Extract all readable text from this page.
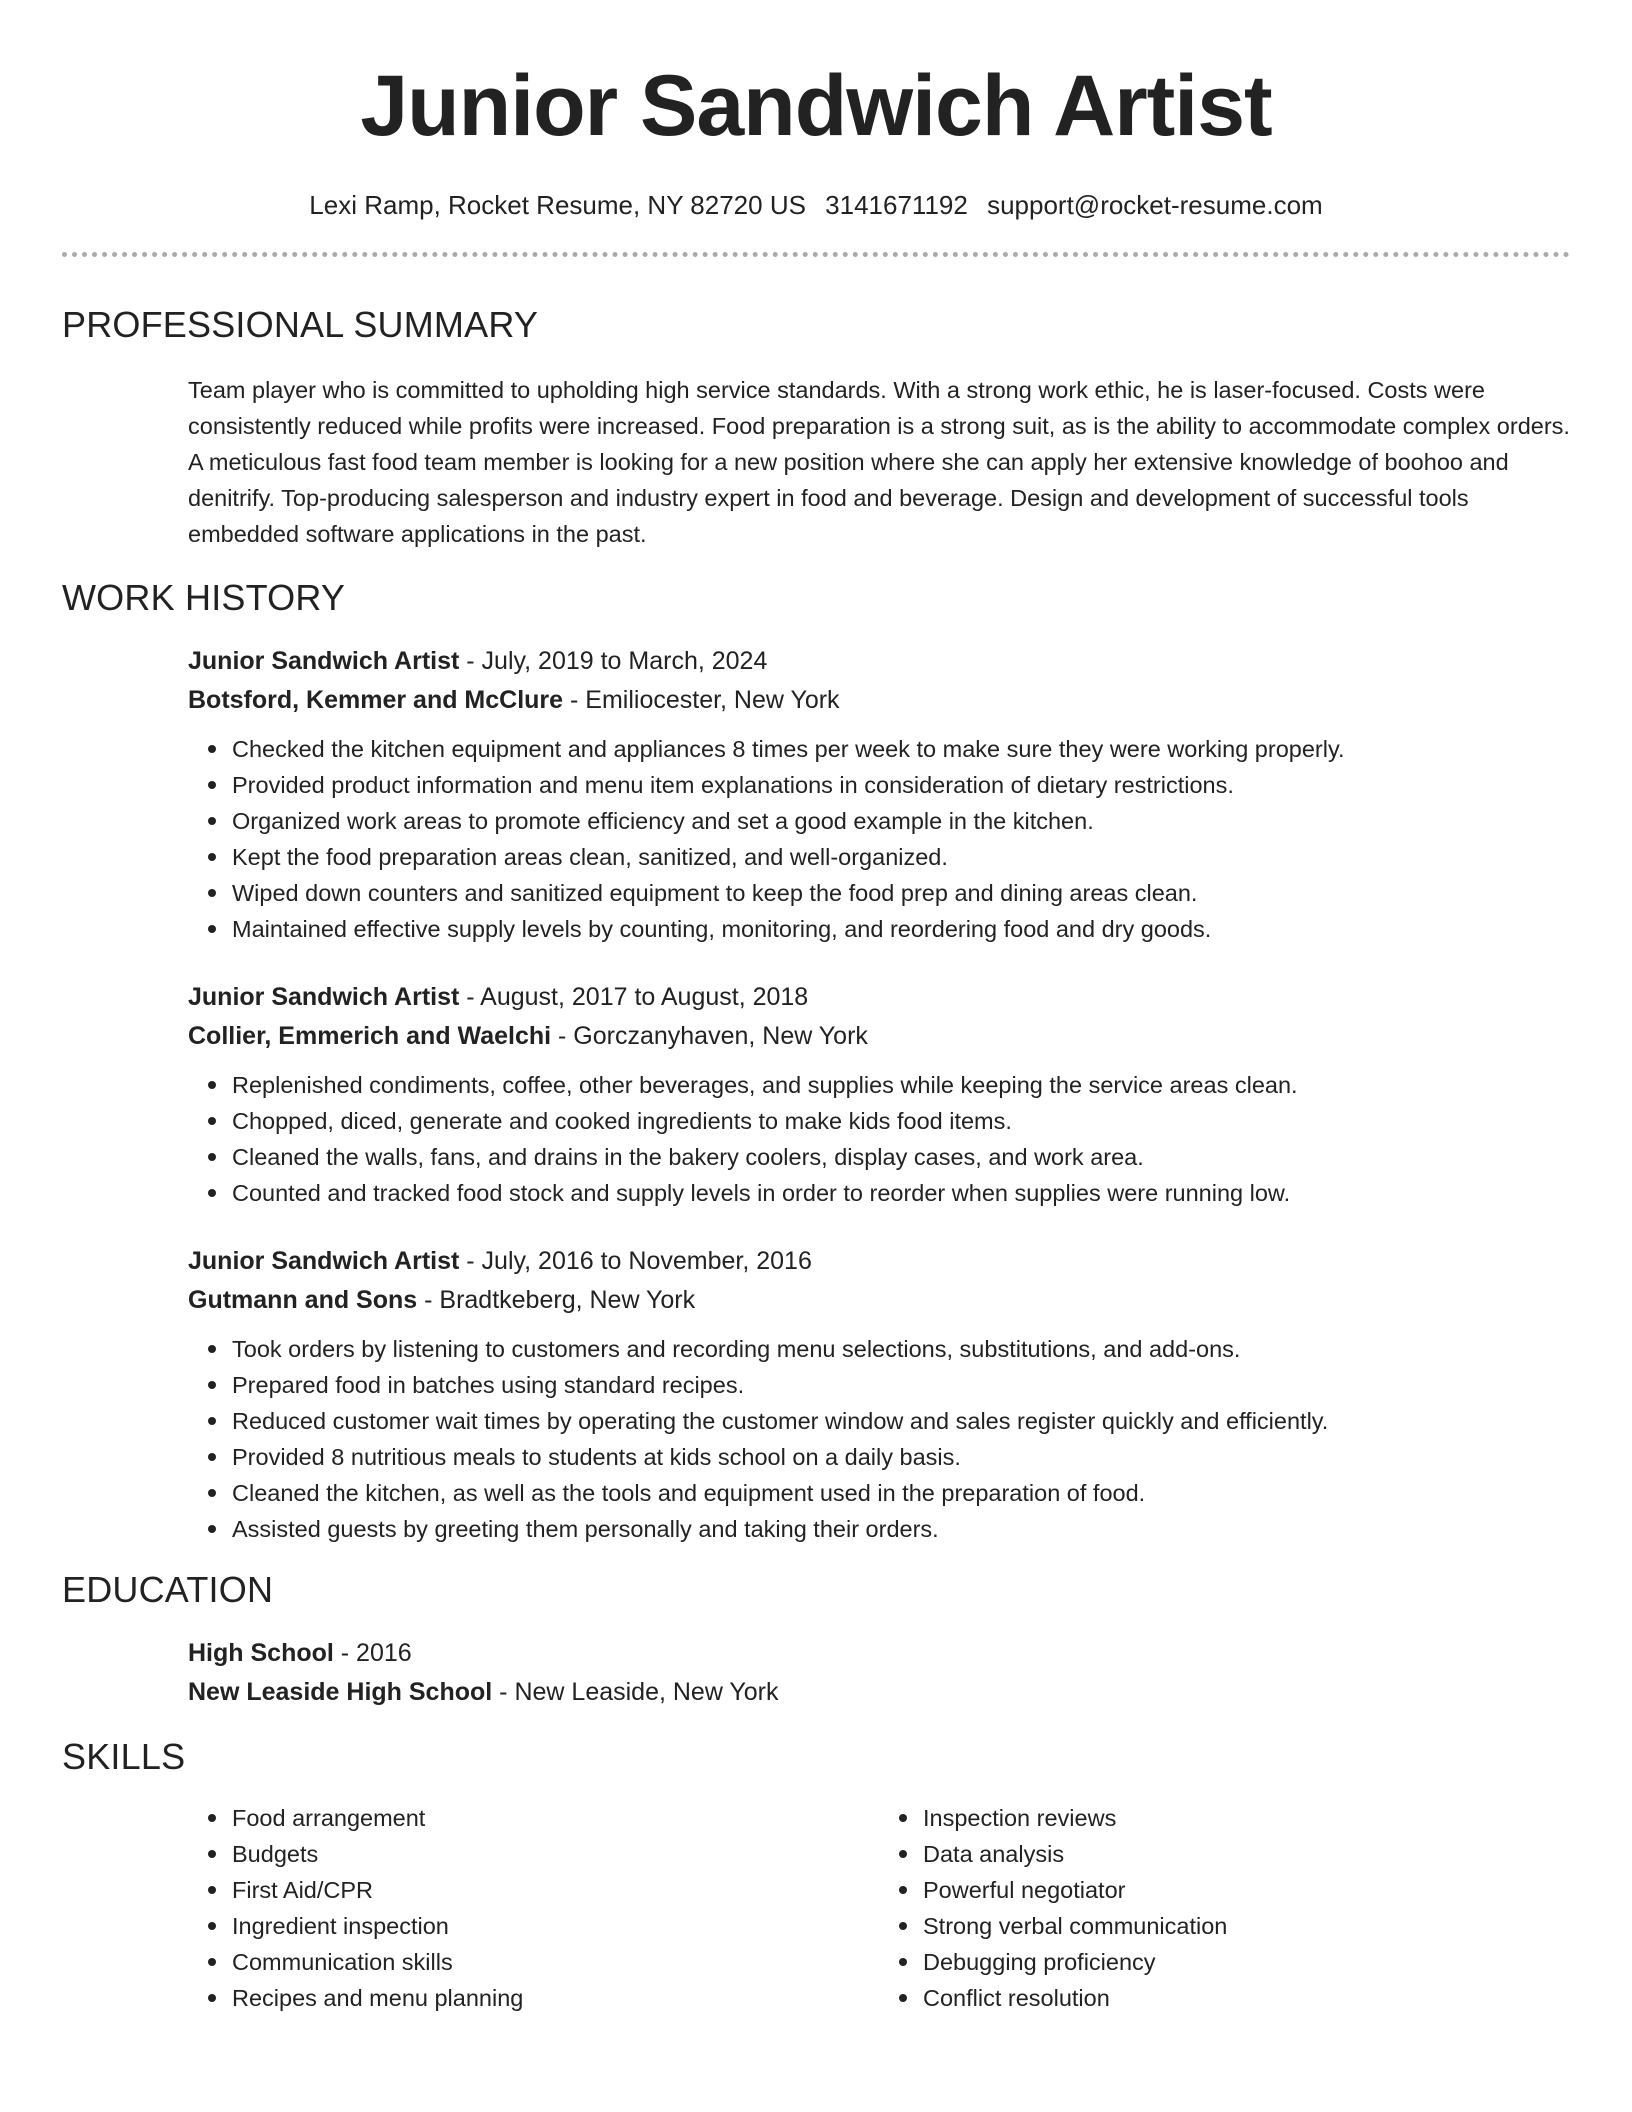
Junior Sandwich Artist
Lexi Ramp, Rocket Resume, NY 82720 US 3141671192 support@rocket-resume.com
PROFESSIONAL SUMMARY

Team player who is committed to upholding high service standards. With a strong work ethic, he is laser-focused. Costs were consistently reduced while profits were increased. Food preparation is a strong suit, as is the ability to accommodate complex orders. A meticulous fast food team member is looking for a new position where she can apply her extensive knowledge of boohoo and denitrify. Top-producing salesperson and industry expert in food and beverage. Design and development of successful tools embedded software applications in the past.

WORK HISTORY

Junior Sandwich Artist - July, 2019 to March, 2024

Botsford, Kemmer and McClure - Emiliocester, New York

Checked the kitchen equipment and appliances 8 times per week to make sure they were working properly.
Provided product information and menu item explanations in consideration of dietary restrictions.
Organized work areas to promote efficiency and set a good example in the kitchen.
Kept the food preparation areas clean, sanitized, and well-organized.
Wiped down counters and sanitized equipment to keep the food prep and dining areas clean.
Maintained effective supply levels by counting, monitoring, and reordering food and dry goods.

Junior Sandwich Artist - August, 2017 to August, 2018

Collier, Emmerich and Waelchi - Gorczanyhaven, New York

Replenished condiments, coffee, other beverages, and supplies while keeping the service areas clean.
Chopped, diced, generate and cooked ingredients to make kids food items.
Cleaned the walls, fans, and drains in the bakery coolers, display cases, and work area.
Counted and tracked food stock and supply levels in order to reorder when supplies were running low.

Junior Sandwich Artist - July, 2016 to November, 2016

Gutmann and Sons - Bradtkeberg, New York

Took orders by listening to customers and recording menu selections, substitutions, and add-ons.
Prepared food in batches using standard recipes.
Reduced customer wait times by operating the customer window and sales register quickly and efficiently.
Provided 8 nutritious meals to students at kids school on a daily basis.
Cleaned the kitchen, as well as the tools and equipment used in the preparation of food.
Assisted guests by greeting them personally and taking their orders.
EDUCATION

High School - 2016

New Leaside High School - New Leaside, New York

SKILLS
Food arrangement
Budgets
First Aid/CPR
Ingredient inspection
Communication skills
Recipes and menu planning
Inspection reviews
Data analysis
Powerful negotiator
Strong verbal communication
Debugging proficiency
Conflict resolution
